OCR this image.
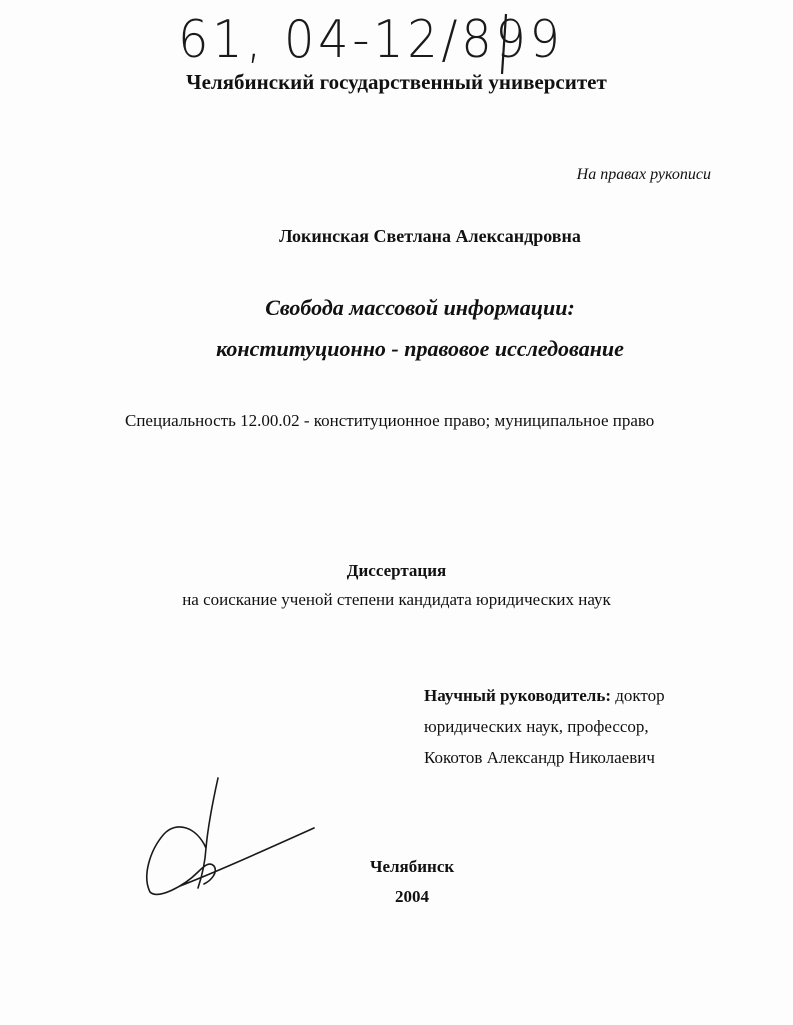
61, 04-12/899
Челябинский государственный университет
На правах рукописи
Локинская Светлана Александровна
Свобода массовой информации:
конституционно - правовое исследование
Специальность 12.00.02 - конституционное право; муниципальное право
Диссертация
на соискание ученой степени кандидата юридических наук
Научный руководитель: доктор
юридических наук, профессор,
Кокотов Александр Николаевич
Челябинск
2004
